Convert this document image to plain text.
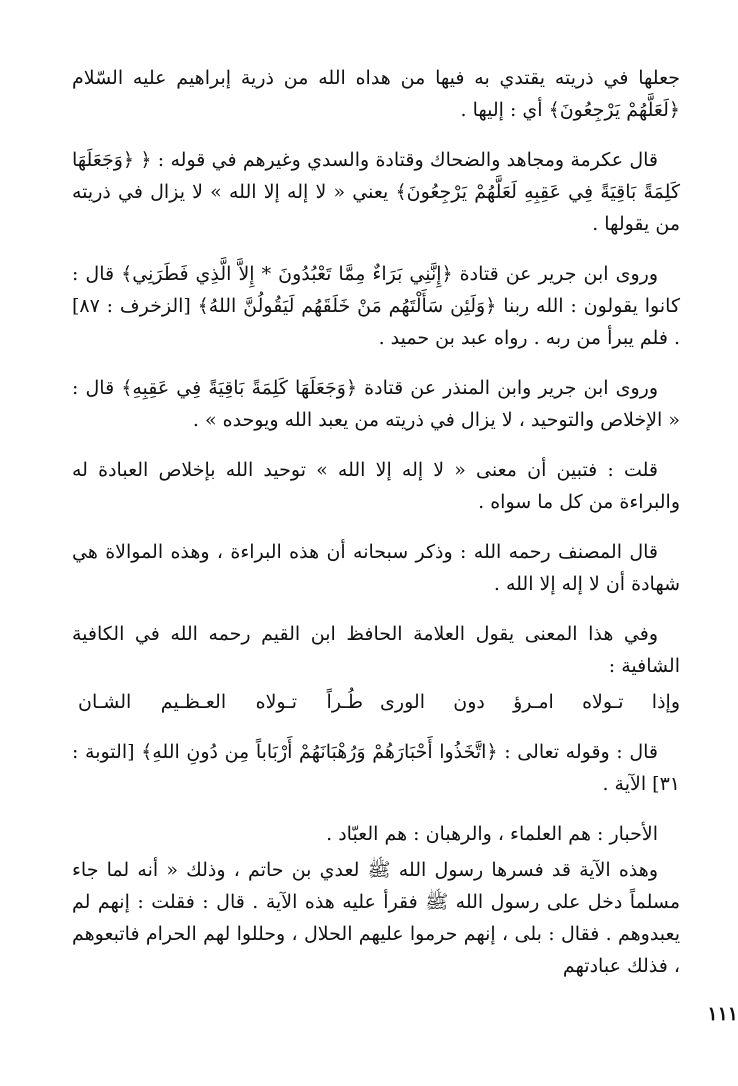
جعلها في ذريته يقتدي به فيها من هداه الله من ذرية إبراهيم عليه السّلام ﴿لَعَلَّهُمْ يَرْجِعُونَ﴾ أي : إليها .

قال عكرمة ومجاهد والضحاك وقتادة والسدي وغيرهم في قوله : ﴿ ﴿وَجَعَلَهَا كَلِمَةً بَاقِيَةً فِي عَقِبِهِ لَعَلَّهُمْ يَرْجِعُونَ﴾ يعني « لا إله إلا الله » لا يزال في ذريته من يقولها .

وروى ابن جرير عن قتادة ﴿إِنَّنِي بَرَاءٌ مِمَّا تَعْبُدُونَ * إِلاَّ الَّذِي فَطَرَنِي﴾ قال : كانوا يقولون : الله ربنا ﴿وَلَئِن سَأَلْتَهُم مَنْ خَلَقَهُم لَيَقُولُنَّ اللهُ﴾ [الزخرف : ٨٧] . فلم يبرأ من ربه . رواه عبد بن حميد .

وروى ابن جرير وابن المنذر عن قتادة ﴿وَجَعَلَهَا كَلِمَةً بَاقِيَةً فِي عَقِبِهِ﴾ قال : « الإخلاص والتوحيد ، لا يزال في ذريته من يعبد الله ويوحده » .

قلت : فتبين أن معنى « لا إله إلا الله » توحيد الله بإخلاص العبادة له والبراءة من كل ما سواه .

قال المصنف رحمه الله : وذكر سبحانه أن هذه البراءة ، وهذه الموالاة هي شهادة أن لا إله إلا الله .

وفي هذا المعنى يقول العلامة الحافظ ابن القيم رحمه الله في الكافية الشافية :

وإذا
تـولاه
امـرؤ
دون
الورى
طُـراً
تـولاه
العـظـيم
الشـان

قال : وقوله تعالى : ﴿اتَّخَذُوا أَحْبَارَهُمْ وَرُهْبَانَهُمْ أَرْبَاباً مِن دُونِ اللهِ﴾ [التوبة : ٣١] الآية .

الأحبار : هم العلماء ، والرهبان : هم العبّاد .

وهذه الآية قد فسرها رسول الله ﷺ لعدي بن حاتم ، وذلك « أنه لما جاء مسلماً دخل على رسول الله ﷺ فقرأ عليه هذه الآية . قال : فقلت : إنهم لم يعبدوهم . فقال : بلى ، إنهم حرموا عليهم الحلال ، وحللوا لهم الحرام فاتبعوهم ، فذلك عبادتهم

١١١
